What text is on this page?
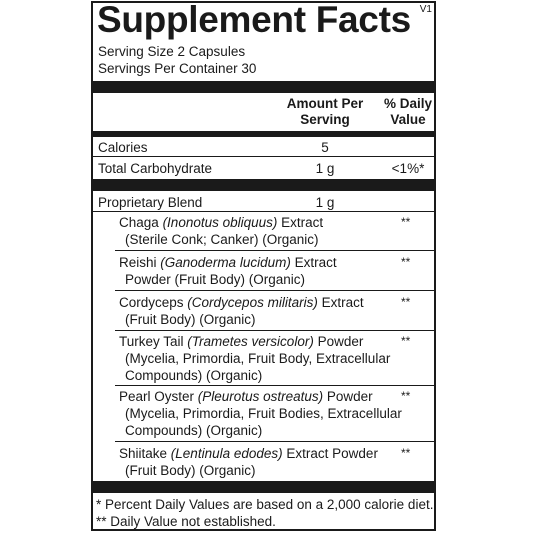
Supplement Facts V1
Serving Size 2 Capsules
Servings Per Container 30
Amount Per
Serving
% Daily
Value
Calories	5
Total Carbohydrate	1 g	<1%*
Proprietary Blend	1 g
Chaga (Inonotus obliquus) Extract
(Sterile Conk; Canker) (Organic)
**
Reishi (Ganoderma lucidum) Extract
Powder (Fruit Body) (Organic)
**
Cordyceps (Cordycepos militaris) Extract
(Fruit Body) (Organic)
**
Turkey Tail (Trametes versicolor) Powder
(Mycelia, Primordia, Fruit Body, Extracellular
Compounds) (Organic)
**
Pearl Oyster (Pleurotus ostreatus) Powder
(Mycelia, Primordia, Fruit Bodies, Extracellular
Compounds) (Organic)
**
Shiitake (Lentinula edodes) Extract Powder
(Fruit Body) (Organic)
**
* Percent Daily Values are based on a 2,000 calorie diet.
** Daily Value not established.
